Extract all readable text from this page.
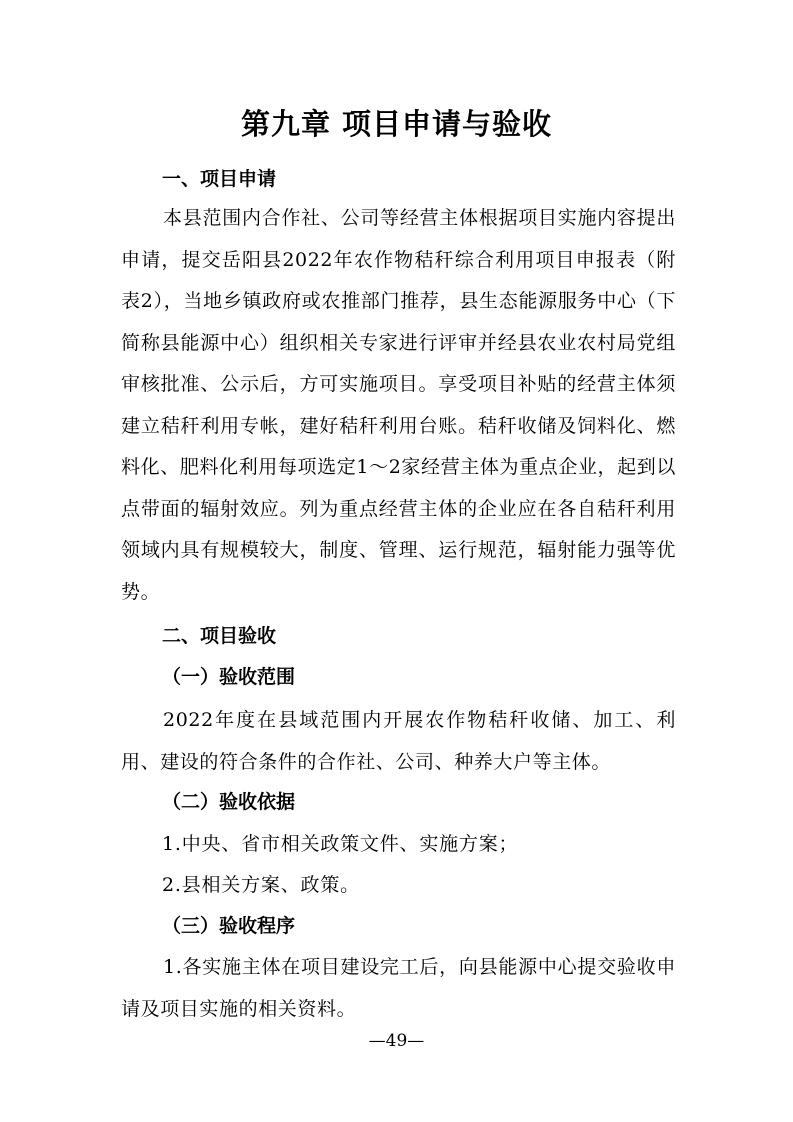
第九章 项目申请与验收
一、项目申请

本县范围内合作社、公司等经营主体根据项目实施内容提出申请，提交岳阳县2022年农作物秸秆综合利用项目申报表（附表2），当地乡镇政府或农推部门推荐，县生态能源服务中心（下简称县能源中心）组织相关专家进行评审并经县农业农村局党组审核批准、公示后，方可实施项目。享受项目补贴的经营主体须建立秸秆利用专帐，建好秸秆利用台账。秸秆收储及饲料化、燃料化、肥料化利用每项选定1～2家经营主体为重点企业，起到以点带面的辐射效应。列为重点经营主体的企业应在各自秸秆利用领域内具有规模较大，制度、管理、运行规范，辐射能力强等优势。

二、项目验收
（一）验收范围

2022年度在县域范围内开展农作物秸秆收储、加工、利用、建设的符合条件的合作社、公司、种养大户等主体。

（二）验收依据

1.中央、省市相关政策文件、实施方案；

2.县相关方案、政策。

（三）验收程序

1.各实施主体在项目建设完工后，向县能源中心提交验收申请及项目实施的相关资料。

—49—
